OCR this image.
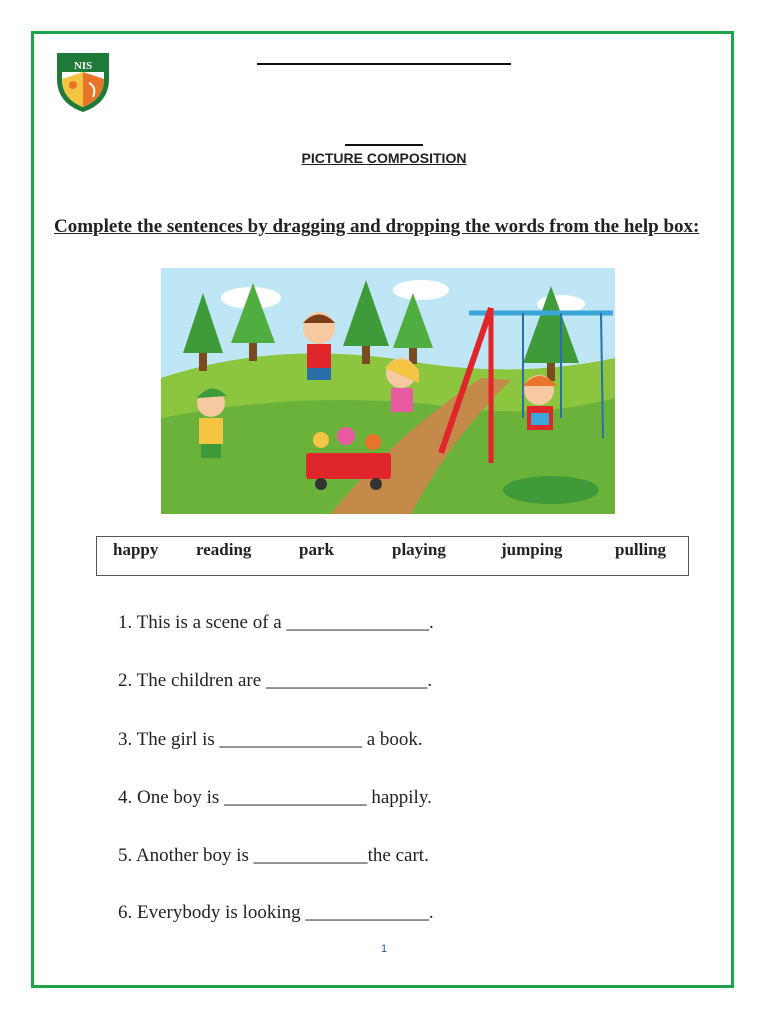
NIS
PICTURE COMPOSITION
Complete the sentences by dragging and dropping the words from the help box:
happy reading	park	playing	jumping	pulling
1. This is a scene of a _______________.
2. The children are _________________.
3. The girl is _______________ a book.
4. One boy is _______________ happily.
5. Another boy is ____________the cart.
6. Everybody is looking _____________.
1
